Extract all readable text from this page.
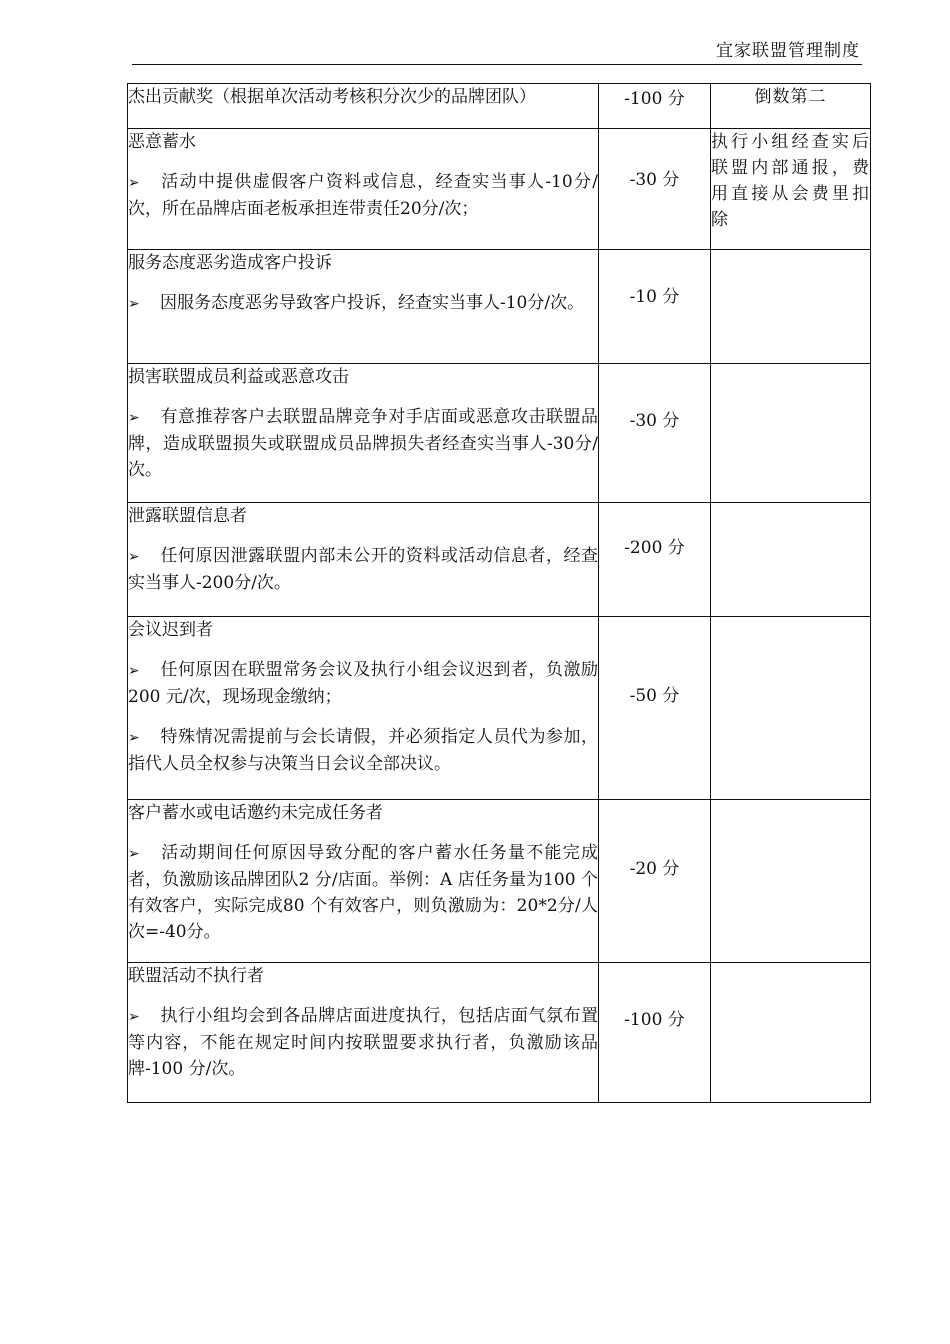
宜家联盟管理制度
杰出贡献奖（根据单次活动考核积分次少的品牌团队）	-100 分	倒数第二

恶意蓄水
➢ 活动中提供虚假客户资料或信息，经查实当事人-10分/次，所在品牌店面老板承担连带责任20分/次；	-30 分	执行小组经查实后联盟内部通报，费用直接从会费里扣除

服务态度恶劣造成客户投诉
➢ 因服务态度恶劣导致客户投诉，经查实当事人-10分/次。	-10 分	

损害联盟成员利益或恶意攻击
➢ 有意推荐客户去联盟品牌竞争对手店面或恶意攻击联盟品牌，造成联盟损失或联盟成员品牌损失者经查实当事人-30分/次。	-30 分	

泄露联盟信息者
➢ 任何原因泄露联盟内部未公开的资料或活动信息者，经查实当事人-200分/次。	-200 分	

会议迟到者
➢ 任何原因在联盟常务会议及执行小组会议迟到者，负激励 200 元/次，现场现金缴纳；
➢ 特殊情况需提前与会长请假，并必须指定人员代为参加，指代人员全权参与决策当日会议全部决议。	-50 分	

客户蓄水或电话邀约未完成任务者
➢ 活动期间任何原因导致分配的客户蓄水任务量不能完成者，负激励该品牌团队2 分/店面。举例：A 店任务量为100 个有效客户，实际完成80 个有效客户，则负激励为：20*2分/人次=-40分。	-20 分	

联盟活动不执行者
➢ 执行小组均会到各品牌店面进度执行，包括店面气氛布置等内容，不能在规定时间内按联盟要求执行者，负激励该品牌-100 分/次。	-100 分	
